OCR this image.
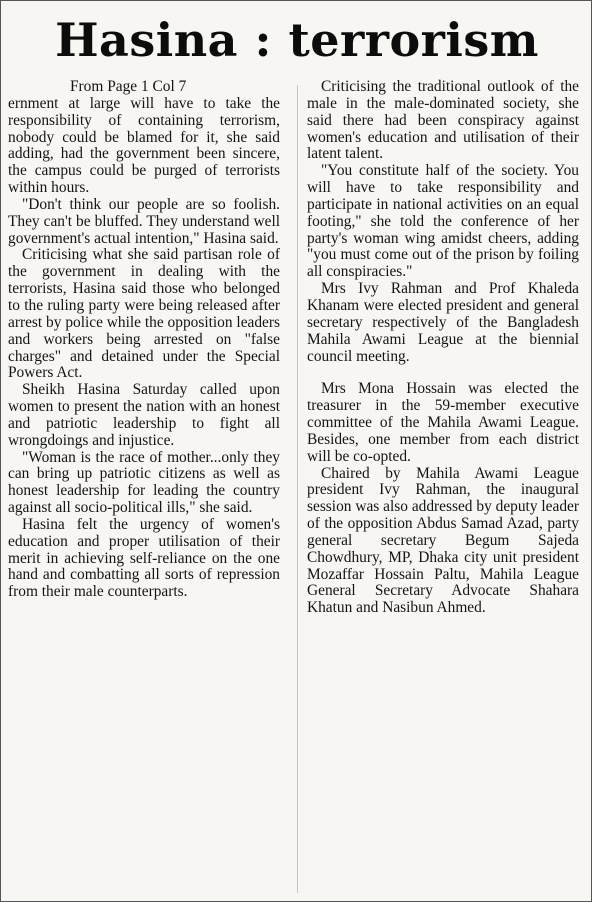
Hasina : terrorism
From Page 1 Col 7

ernment at large will have to take the responsibility of containing terrorism, nobody could be blamed for it, she said adding, had the government been sincere, the campus could be purged of terrorists within hours.

"Don't think our people are so foolish. They can't be bluffed. They understand well government's actual intention," Hasina said.

Criticising what she said partisan role of the government in dealing with the terrorists, Hasina said those who belonged to the ruling party were being released after arrest by police while the opposition leaders and workers being arrested on "false charges" and detained under the Special Powers Act.

Sheikh Hasina Saturday called upon women to present the nation with an honest and patriotic leadership to fight all wrongdoings and injustice.

"Woman is the race of mother...only they can bring up patriotic citizens as well as honest leadership for leading the country against all socio-political ills," she said.

Hasina felt the urgency of women's education and proper utilisation of their merit in achieving self-reliance on the one hand and combatting all sorts of repression from their male counterparts.

Criticising the traditional outlook of the male in the male-dominated society, she said there had been conspiracy against women's education and utilisation of their latent talent.

"You constitute half of the society. You will have to take responsibility and participate in national activities on an equal footing," she told the conference of her party's woman wing amidst cheers, adding "you must come out of the prison by foiling all conspiracies."

Mrs Ivy Rahman and Prof Khaleda Khanam were elected president and general secretary respectively of the Bangladesh Mahila Awami League at the biennial council meeting.

Mrs Mona Hossain was elected the treasurer in the 59-member executive committee of the Mahila Awami League. Besides, one member from each district will be co-opted.

Chaired by Mahila Awami League president Ivy Rahman, the inaugural session was also addressed by deputy leader of the opposition Abdus Samad Azad, party general secretary Begum Sajeda Chowdhury, MP, Dhaka city unit president Mozaffar Hossain Paltu, Mahila League General Secretary Advocate Shahara Khatun and Nasibun Ahmed.
